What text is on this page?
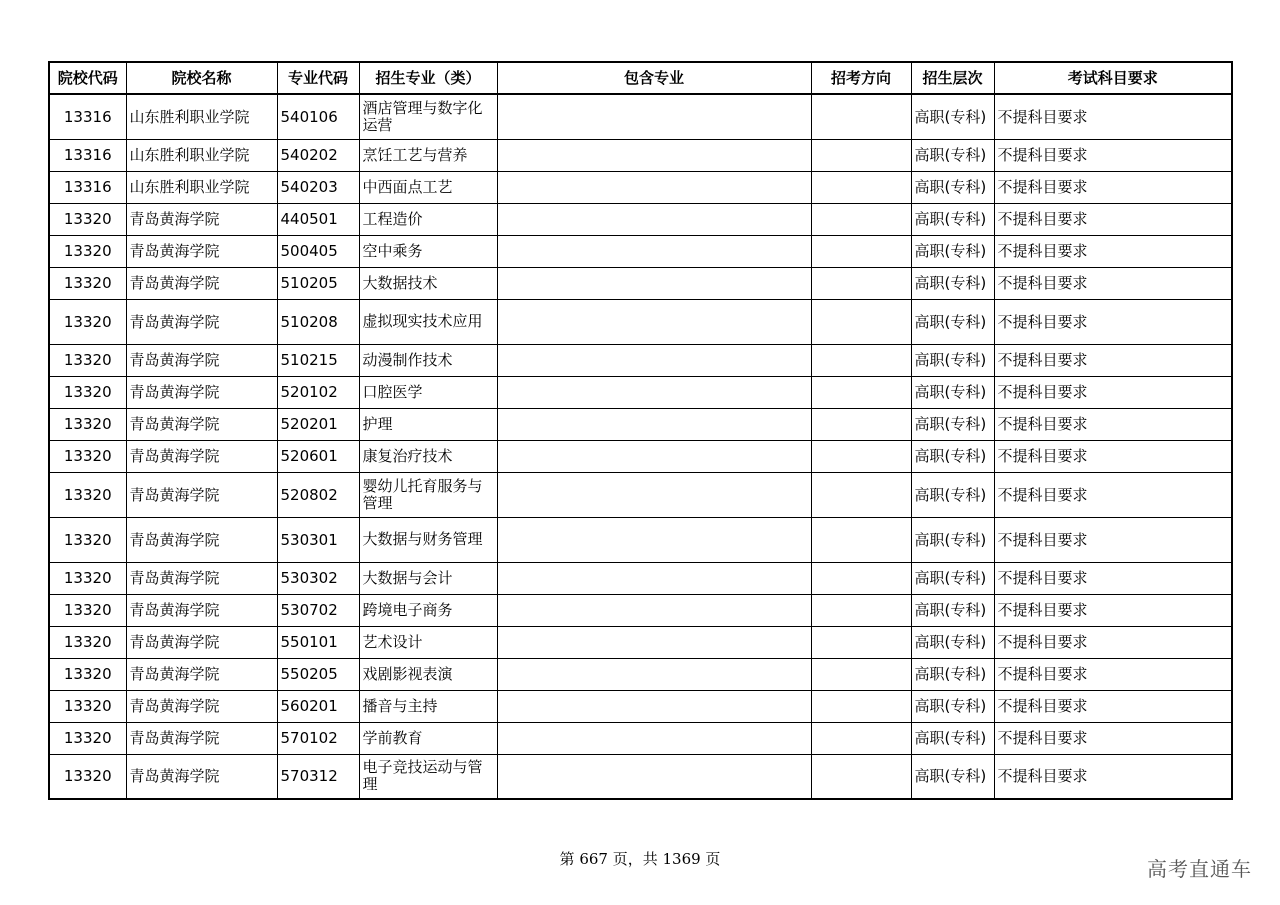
院校代码	院校名称	专业代码	招生专业（类）	包含专业	招考方向	招生层次	考试科目要求
13316	山东胜利职业学院	540106	酒店管理与数字化运营			高职(专科)	不提科目要求
13316	山东胜利职业学院	540202	烹饪工艺与营养			高职(专科)	不提科目要求
13316	山东胜利职业学院	540203	中西面点工艺			高职(专科)	不提科目要求
13320	青岛黄海学院	440501	工程造价			高职(专科)	不提科目要求
13320	青岛黄海学院	500405	空中乘务			高职(专科)	不提科目要求
13320	青岛黄海学院	510205	大数据技术			高职(专科)	不提科目要求
13320	青岛黄海学院	510208	虚拟现实技术应用			高职(专科)	不提科目要求
13320	青岛黄海学院	510215	动漫制作技术			高职(专科)	不提科目要求
13320	青岛黄海学院	520102	口腔医学			高职(专科)	不提科目要求
13320	青岛黄海学院	520201	护理			高职(专科)	不提科目要求
13320	青岛黄海学院	520601	康复治疗技术			高职(专科)	不提科目要求
13320	青岛黄海学院	520802	婴幼儿托育服务与管理			高职(专科)	不提科目要求
13320	青岛黄海学院	530301	大数据与财务管理			高职(专科)	不提科目要求
13320	青岛黄海学院	530302	大数据与会计			高职(专科)	不提科目要求
13320	青岛黄海学院	530702	跨境电子商务			高职(专科)	不提科目要求
13320	青岛黄海学院	550101	艺术设计			高职(专科)	不提科目要求
13320	青岛黄海学院	550205	戏剧影视表演			高职(专科)	不提科目要求
13320	青岛黄海学院	560201	播音与主持			高职(专科)	不提科目要求
13320	青岛黄海学院	570102	学前教育			高职(专科)	不提科目要求
13320	青岛黄海学院	570312	电子竞技运动与管理			高职(专科)	不提科目要求
第 667 页，共 1369 页	高考直通车
